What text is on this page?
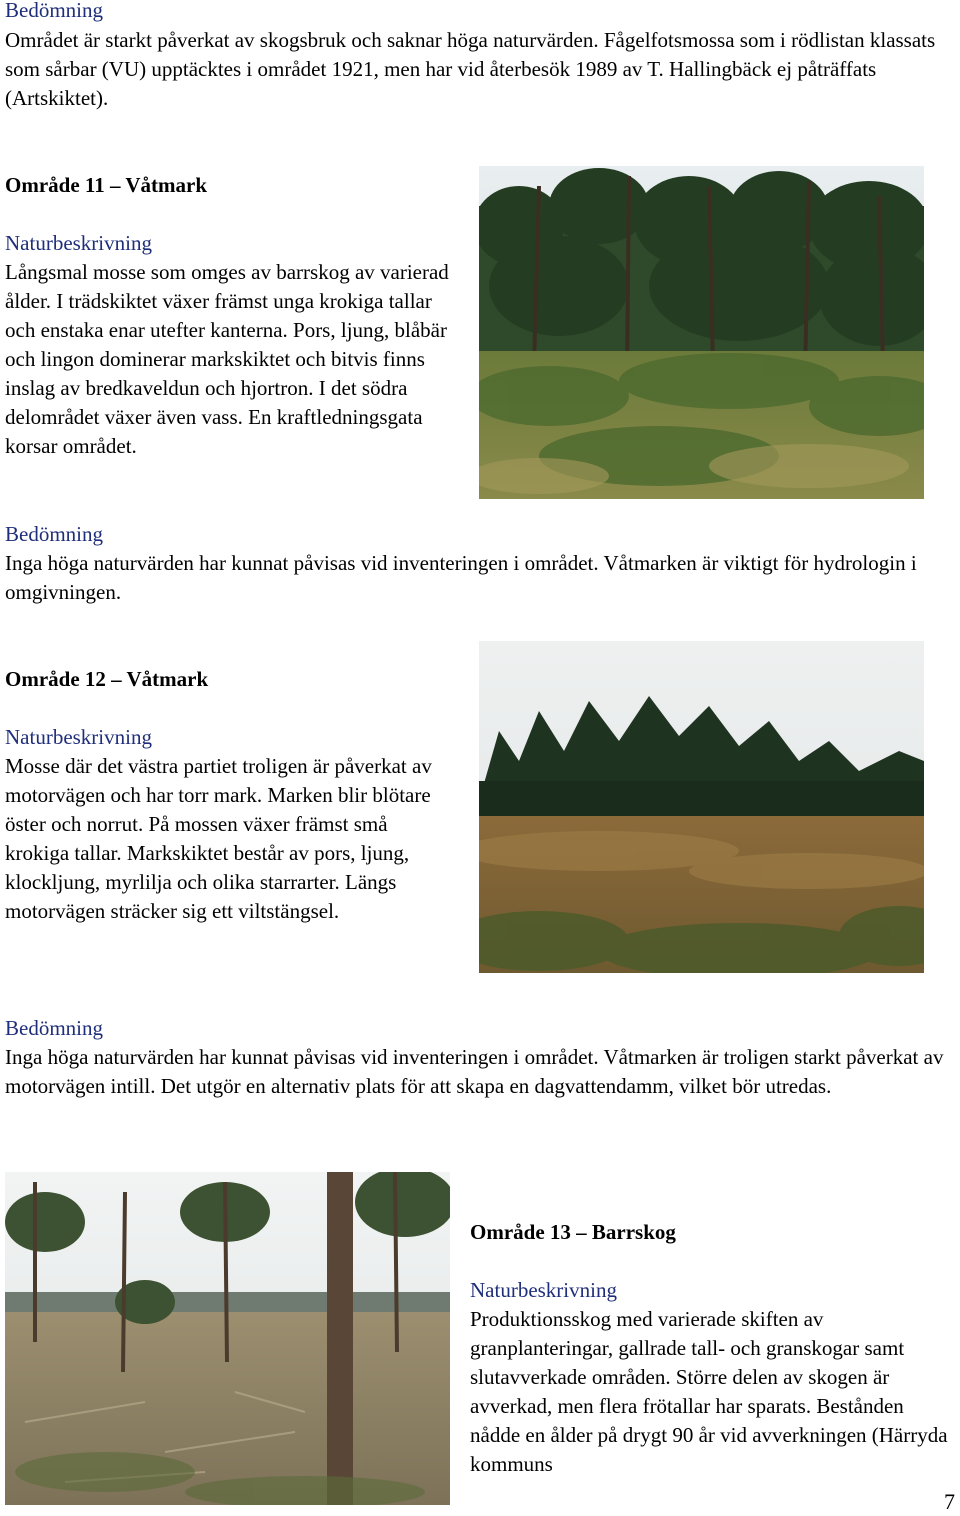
Bedömning
Området är starkt påverkat av skogsbruk och saknar höga naturvärden. Fågelfotsmossa som i rödlistan klassats som sårbar (VU) upptäcktes i området 1921, men har vid återbesök 1989 av T. Hallingbäck ej påträffats (Artskiktet).
Område 11 – Våtmark
Naturbeskrivning
Långsmal mosse som omges av barrskog av varierad ålder. I trädskiktet växer främst unga krokiga tallar och enstaka enar utefter kanterna. Pors, ljung, blåbär och lingon dominerar markskiktet och bitvis finns inslag av bredkaveldun och hjortron. I det södra delområdet växer även vass. En kraftledningsgata korsar området.
Bedömning
Inga höga naturvärden har kunnat påvisas vid inventeringen i området. Våtmarken är viktigt för hydrologin i omgivningen.
Område 12 – Våtmark
Naturbeskrivning
Mosse där det västra partiet troligen är påverkat av motorvägen och har torr mark. Marken blir blötare öster och norrut. På mossen växer främst små krokiga tallar. Markskiktet består av pors, ljung, klockljung, myrlilja och olika starrarter. Längs motorvägen sträcker sig ett viltstängsel.
Bedömning
Inga höga naturvärden har kunnat påvisas vid inventeringen i området. Våtmarken är troligen starkt påverkat av motorvägen intill. Det utgör en alternativ plats för att skapa en dagvattendamm, vilket bör utredas.
Område 13 – Barrskog
Naturbeskrivning
Produktionsskog med varierade skiften av granplanteringar, gallrade tall- och granskogar samt slutavverkade områden. Större delen av skogen är avverkad, men flera frötallar har sparats. Bestånden nådde en ålder på drygt 90 år vid avverkningen (Härryda kommuns
7
